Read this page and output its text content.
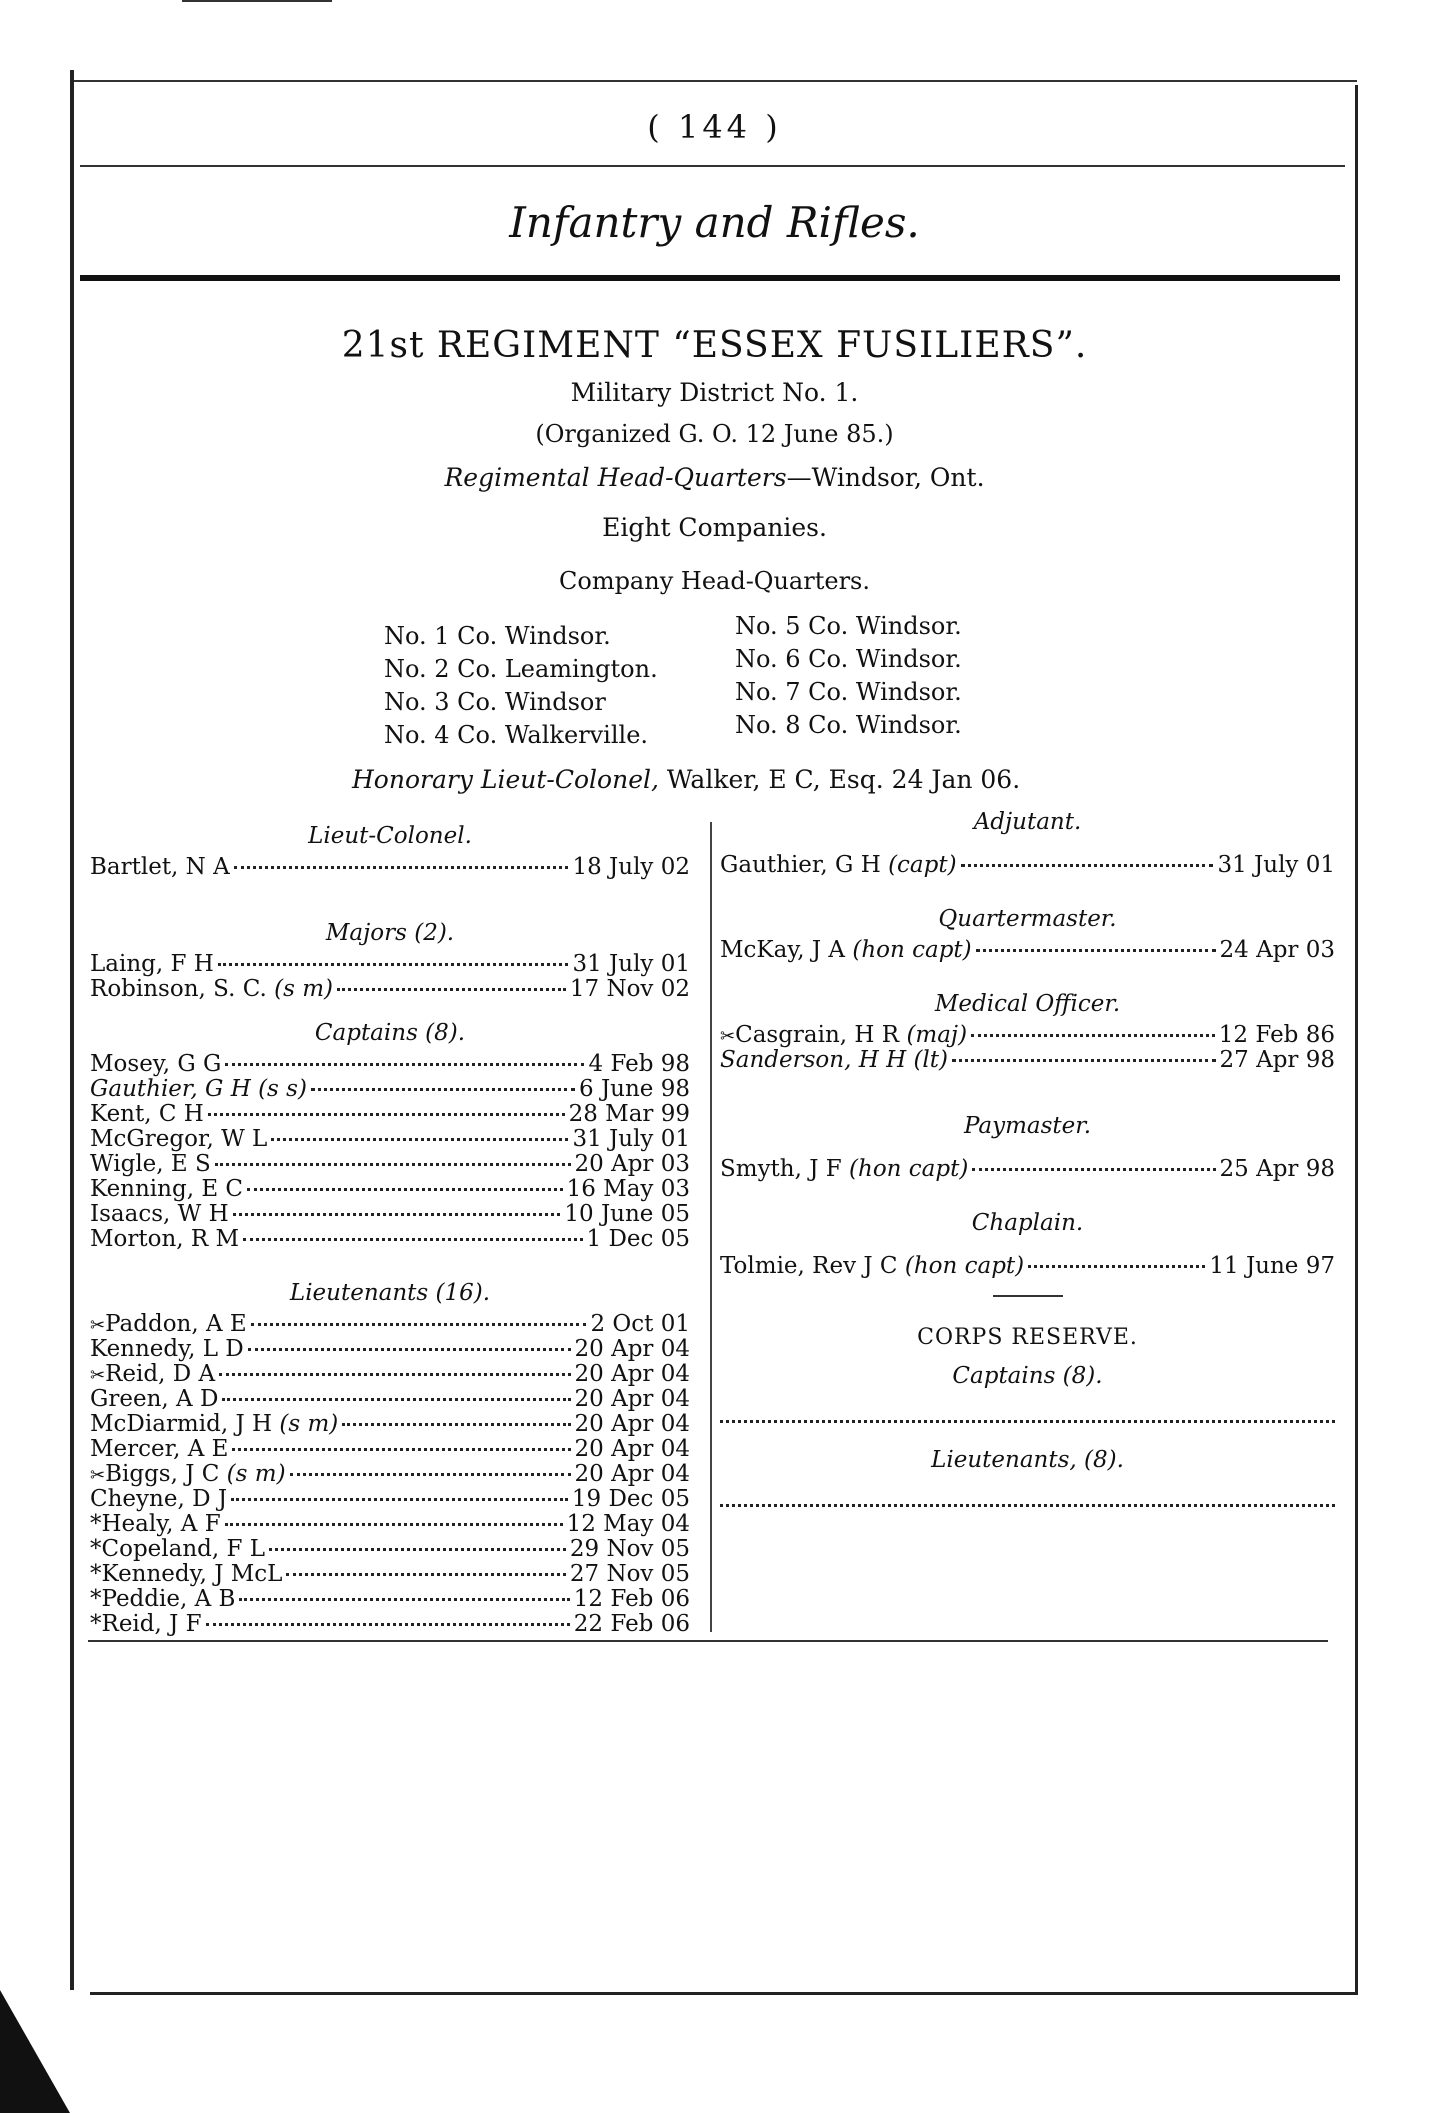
( 144 )
Infantry and Rifles.
21st REGIMENT “ESSEX FUSILIERS”.
Military District No. 1.
(Organized G. O. 12 June 85.)
Regimental Head-Quarters—Windsor, Ont.
Eight Companies.
Company Head-Quarters.
No. 1 Co. Windsor.
No. 2 Co. Leamington.
No. 3 Co. Windsor
No. 4 Co. Walkerville.
No. 5 Co. Windsor.
No. 6 Co. Windsor.
No. 7 Co. Windsor.
No. 8 Co. Windsor.
Honorary Lieut-Colonel, Walker, E C, Esq. 24 Jan 06.
Lieut-Colonel.
Bartlet, N A	18 July 02
Majors (2).
Laing, F H	31 July 01
Robinson, S. C. (s m)	17 Nov 02
Captains (8).
Mosey, G G	4 Feb 98
Gauthier, G H (s s)	6 June 98
Kent, C H	28 Mar 99
McGregor, W L	31 July 01
Wigle, E S	20 Apr 03
Kenning, E C	16 May 03
Isaacs, W H	10 June 05
Morton, R M	1 Dec 05
Lieutenants (16).
✂Paddon, A E	2 Oct 01
Kennedy, L D	20 Apr 04
✂Reid, D A	20 Apr 04
Green, A D	20 Apr 04
McDiarmid, J H (s m)	20 Apr 04
Mercer, A E	20 Apr 04
✂Biggs, J C (s m)	20 Apr 04
Cheyne, D J	19 Dec 05
*Healy, A F	12 May 04
*Copeland, F L	29 Nov 05
*Kennedy, J McL	27 Nov 05
*Peddie, A B	12 Feb 06
*Reid, J F	22 Feb 06
Adjutant.
Gauthier, G H (capt)	31 July 01
Quartermaster.
McKay, J A (hon capt)	24 Apr 03
Medical Officer.
✂Casgrain, H R (maj)	12 Feb 86
Sanderson, H H (lt)	27 Apr 98
Paymaster.
Smyth, J F (hon capt)	25 Apr 98
Chaplain.
Tolmie, Rev J C (hon capt)	11 June 97
CORPS RESERVE.
Captains (8).
Lieutenants, (8).
